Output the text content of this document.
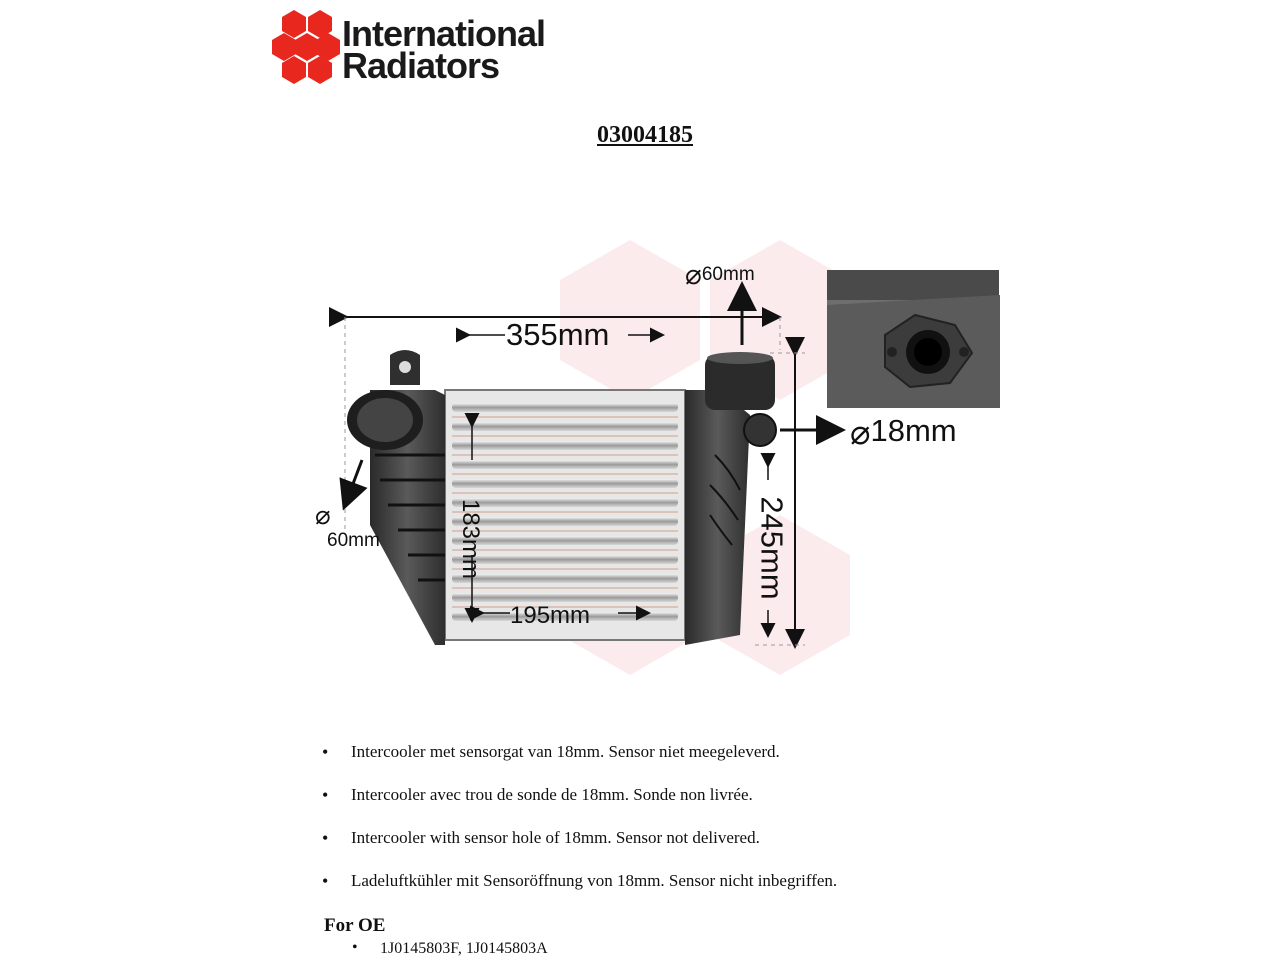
International
Radiators
03004185
355mm
⌀60mm
⌀
60mm
⌀18mm
195mm
183mm	245mm
• Intercooler met sensorgat van 18mm. Sensor niet meegeleverd.
• Intercooler avec trou de sonde de 18mm. Sonde non livrée.
• Intercooler with sensor hole of 18mm. Sensor not delivered.
• Ladeluftkühler mit Sensoröffnung von 18mm. Sensor nicht inbegriffen.
For OE
• 1J0145803F, 1J0145803A
